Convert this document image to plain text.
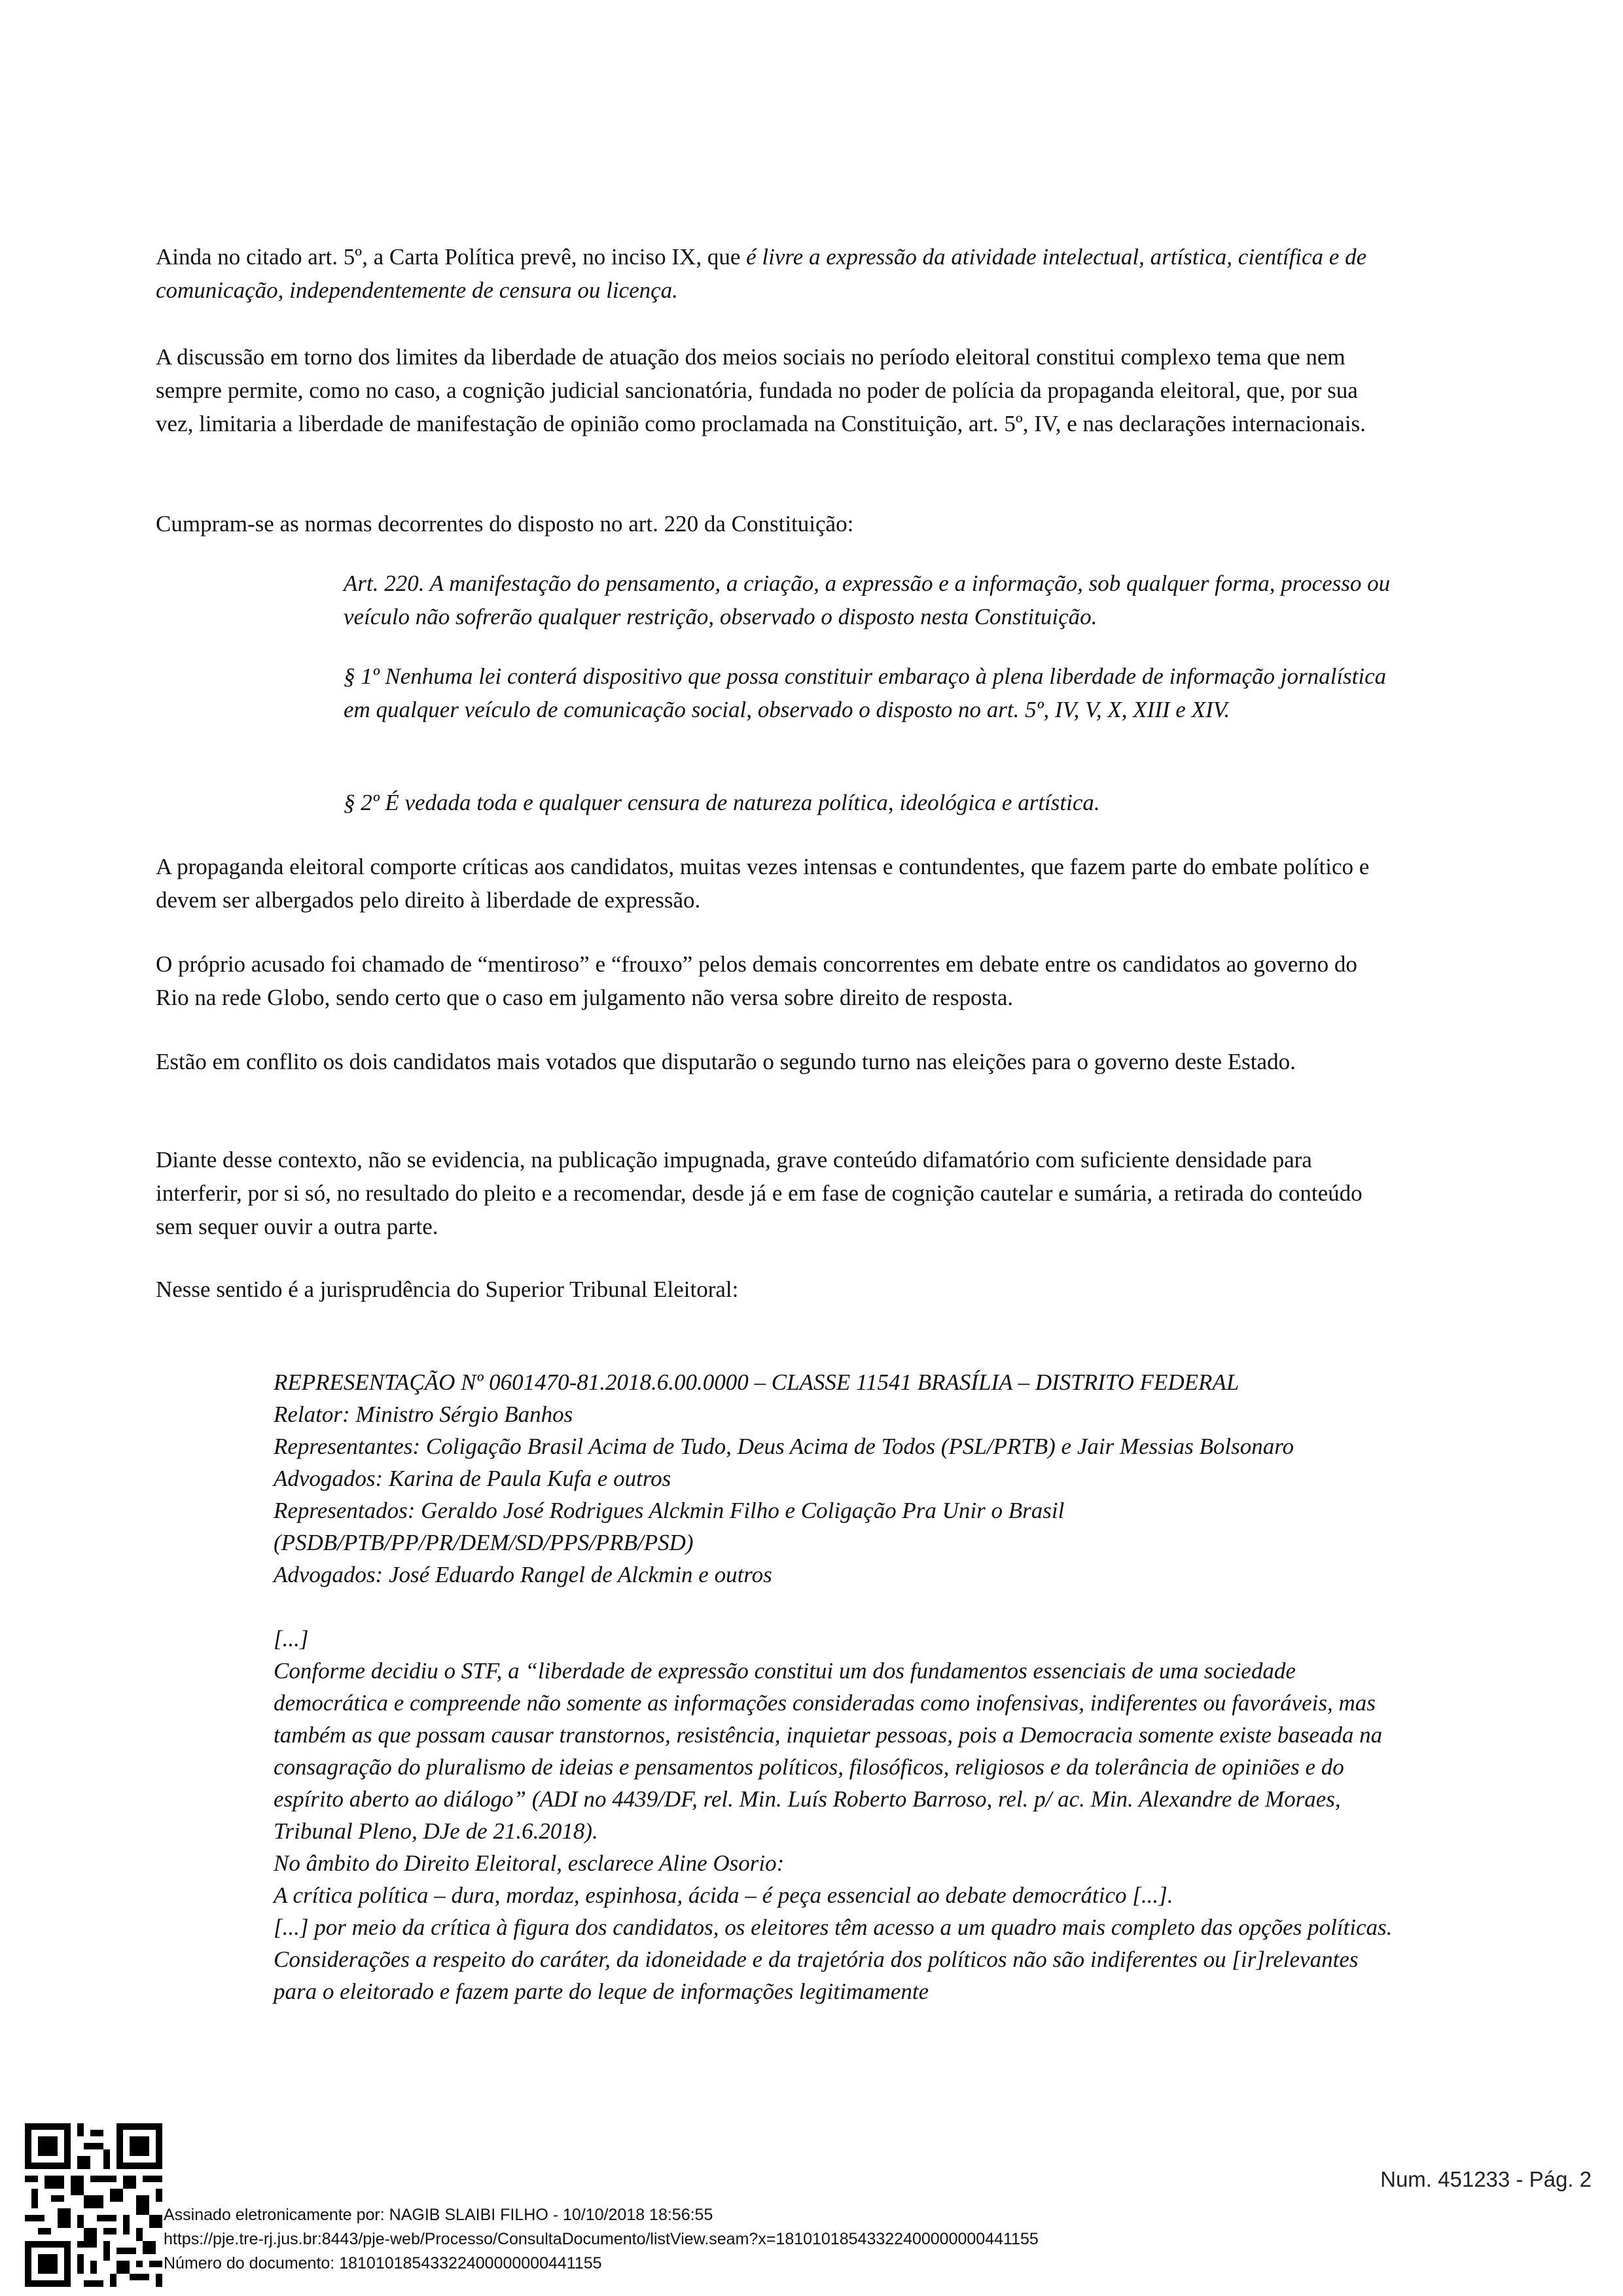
Ainda no citado art. 5º, a Carta Política prevê, no inciso IX, que é livre a expressão da atividade intelectual, artística, científica e de comunicação, independentemente de censura ou licença.

A discussão em torno dos limites da liberdade de atuação dos meios sociais no período eleitoral constitui complexo tema que nem sempre permite, como no caso, a cognição judicial sancionatória, fundada no poder de polícia da propaganda eleitoral, que, por sua vez, limitaria a liberdade de manifestação de opinião como proclamada na Constituição, art. 5º, IV, e nas declarações internacionais.

Cumpram-se as normas decorrentes do disposto no art. 220 da Constituição:

Art. 220. A manifestação do pensamento, a criação, a expressão e a informação, sob qualquer forma, processo ou veículo não sofrerão qualquer restrição, observado o disposto nesta Constituição.

§ 1º Nenhuma lei conterá dispositivo que possa constituir embaraço à plena liberdade de informação jornalística em qualquer veículo de comunicação social, observado o disposto no art. 5º, IV, V, X, XIII e XIV.

§ 2º É vedada toda e qualquer censura de natureza política, ideológica e artística.

A propaganda eleitoral comporte críticas aos candidatos, muitas vezes intensas e contundentes, que fazem parte do embate político e devem ser albergados pelo direito à liberdade de expressão.

O próprio acusado foi chamado de “mentiroso” e “frouxo” pelos demais concorrentes em debate entre os candidatos ao governo do Rio na rede Globo, sendo certo que o caso em julgamento não versa sobre direito de resposta.

Estão em conflito os dois candidatos mais votados que disputarão o segundo turno nas eleições para o governo deste Estado.

Diante desse contexto, não se evidencia, na publicação impugnada, grave conteúdo difamatório com suficiente densidade para interferir, por si só, no resultado do pleito e a recomendar, desde já e em fase de cognição cautelar e sumária, a retirada do conteúdo sem sequer ouvir a outra parte.

Nesse sentido é a jurisprudência do Superior Tribunal Eleitoral:

REPRESENTAÇÃO Nº 0601470-81.2018.6.00.0000 – CLASSE 11541 BRASÍLIA – DISTRITO FEDERAL
Relator: Ministro Sérgio Banhos
Representantes: Coligação Brasil Acima de Tudo, Deus Acima de Todos (PSL/PRTB) e Jair Messias Bolsonaro
Advogados: Karina de Paula Kufa e outros
Representados: Geraldo José Rodrigues Alckmin Filho e Coligação Pra Unir o Brasil (PSDB/PTB/PP/PR/DEM/SD/PPS/PRB/PSD)
Advogados: José Eduardo Rangel de Alckmin e outros
[...]
Conforme decidiu o STF, a “liberdade de expressão constitui um dos fundamentos essenciais de uma sociedade democrática e compreende não somente as informações consideradas como inofensivas, indiferentes ou favoráveis, mas também as que possam causar transtornos, resistência, inquietar pessoas, pois a Democracia somente existe baseada na consagração do pluralismo de ideias e pensamentos políticos, filosóficos, religiosos e da tolerância de opiniões e do espírito aberto ao diálogo” (ADI no 4439/DF, rel. Min. Luís Roberto Barroso, rel. p/ ac. Min. Alexandre de Moraes, Tribunal Pleno, DJe de 21.6.2018).
No âmbito do Direito Eleitoral, esclarece Aline Osorio:
A crítica política – dura, mordaz, espinhosa, ácida – é peça essencial ao debate democrático [...].
[...] por meio da crítica à figura dos candidatos, os eleitores têm acesso a um quadro mais completo das opções políticas. Considerações a respeito do caráter, da idoneidade e da trajetória dos políticos não são indiferentes ou [ir]relevantes para o eleitorado e fazem parte do leque de informações legitimamente
Assinado eletronicamente por: NAGIB SLAIBI FILHO - 10/10/2018 18:56:55
https://pje.tre-rj.jus.br:8443/pje-web/Processo/ConsultaDocumento/listView.seam?x=18101018543322400000000441155
Número do documento: 18101018543322400000000441155
Num. 451233 - Pág. 2
